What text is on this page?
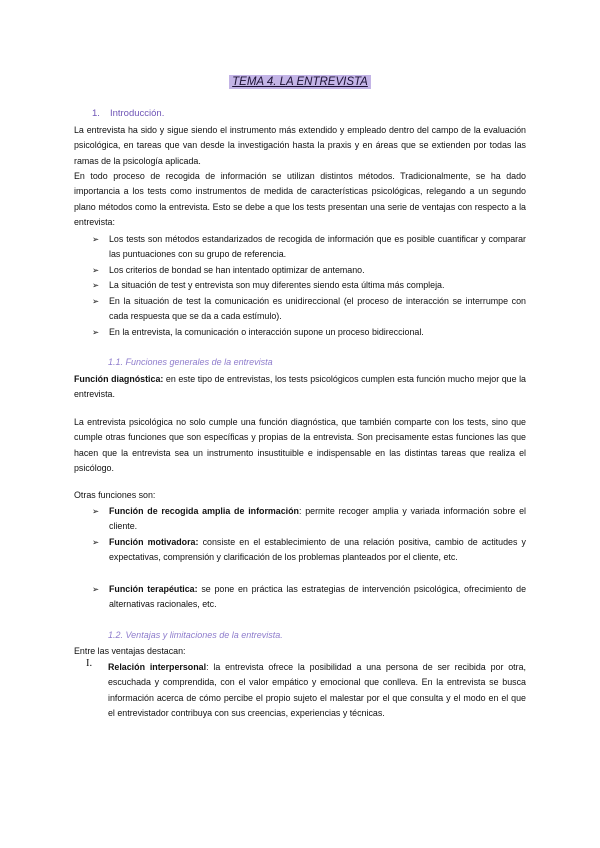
TEMA 4. LA ENTREVISTA
1. Introducción.
La entrevista ha sido y sigue siendo el instrumento más extendido y empleado dentro del campo de la evaluación psicológica, en tareas que van desde la investigación hasta la praxis y en áreas que se extienden por todas las ramas de la psicología aplicada.
En todo proceso de recogida de información se utilizan distintos métodos. Tradicionalmente, se ha dado importancia a los tests como instrumentos de medida de características psicológicas, relegando a un segundo plano métodos como la entrevista. Esto se debe a que los tests presentan una serie de ventajas con respecto a la entrevista:
➢ Los tests son métodos estandarizados de recogida de información que es posible cuantificar y comparar las puntuaciones con su grupo de referencia.
➢ Los criterios de bondad se han intentado optimizar de antemano.
➢ La situación de test y entrevista son muy diferentes siendo esta última más compleja.
➢ En la situación de test la comunicación es unidireccional (el proceso de interacción se interrumpe con cada respuesta que se da a cada estímulo).
➢ En la entrevista, la comunicación o interacción supone un proceso bidireccional.
1.1. Funciones generales de la entrevista
Función diagnóstica: en este tipo de entrevistas, los tests psicológicos cumplen esta función mucho mejor que la entrevista.
La entrevista psicológica no solo cumple una función diagnóstica, que también comparte con los tests, sino que cumple otras funciones que son específicas y propias de la entrevista. Son precisamente estas funciones las que hacen que la entrevista sea un instrumento insustituible e indispensable en las distintas tareas que realiza el psicólogo.
Otras funciones son:
➢ Función de recogida amplia de información: permite recoger amplia y variada información sobre el cliente.
➢ Función motivadora: consiste en el establecimiento de una relación positiva, cambio de actitudes y expectativas, comprensión y clarificación de los problemas planteados por el cliente, etc.
➢ Función terapéutica: se pone en práctica las estrategias de intervención psicológica, ofrecimiento de alternativas racionales, etc.
1.2. Ventajas y limitaciones de la entrevista.
Entre las ventajas destacan:
I. Relación interpersonal: la entrevista ofrece la posibilidad a una persona de ser recibida por otra, escuchada y comprendida, con el valor empático y emocional que conlleva. En la entrevista se busca información acerca de cómo percibe el propio sujeto el malestar por el que consulta y el modo en el que el entrevistador contribuya con sus creencias, experiencias y técnicas.
